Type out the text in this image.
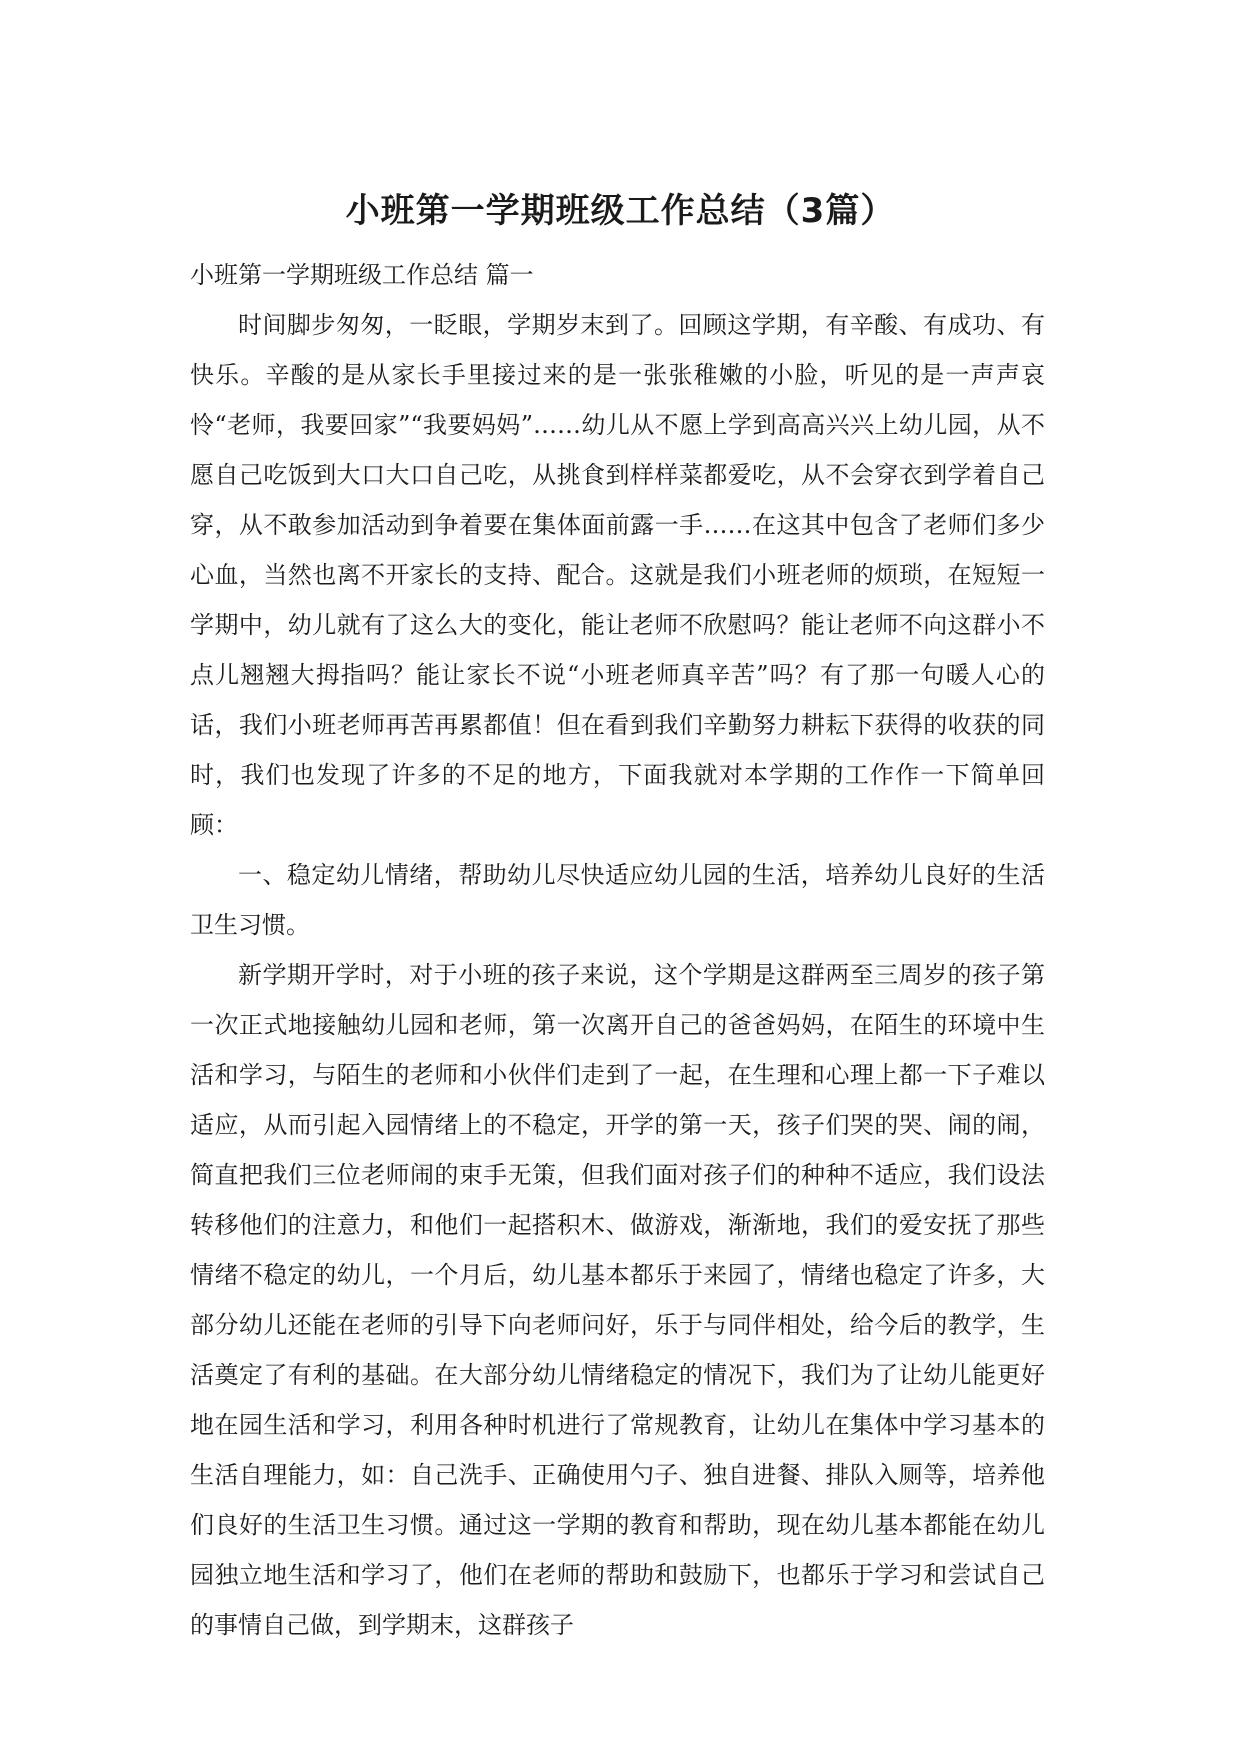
小班第一学期班级工作总结（3篇）

小班第一学期班级工作总结 篇一

时间脚步匆匆，一眨眼，学期岁末到了。回顾这学期，有辛酸、有成功、有快乐。辛酸的是从家长手里接过来的是一张张稚嫩的小脸，听见的是一声声哀怜“老师，我要回家”“我要妈妈”……幼儿从不愿上学到高高兴兴上幼儿园，从不愿自己吃饭到大口大口自己吃，从挑食到样样菜都爱吃，从不会穿衣到学着自己穿，从不敢参加活动到争着要在集体面前露一手……在这其中包含了老师们多少心血，当然也离不开家长的支持、配合。这就是我们小班老师的烦琐，在短短一学期中，幼儿就有了这么大的变化，能让老师不欣慰吗？能让老师不向这群小不点儿翘翘大拇指吗？能让家长不说“小班老师真辛苦”吗？有了那一句暖人心的话，我们小班老师再苦再累都值！但在看到我们辛勤努力耕耘下获得的收获的同时，我们也发现了许多的不足的地方，下面我就对本学期的工作作一下简单回顾：

一、稳定幼儿情绪，帮助幼儿尽快适应幼儿园的生活，培养幼儿良好的生活卫生习惯。

新学期开学时，对于小班的孩子来说，这个学期是这群两至三周岁的孩子第一次正式地接触幼儿园和老师，第一次离开自己的爸爸妈妈，在陌生的环境中生活和学习，与陌生的老师和小伙伴们走到了一起，在生理和心理上都一下子难以适应，从而引起入园情绪上的不稳定，开学的第一天，孩子们哭的哭、闹的闹，简直把我们三位老师闹的束手无策，但我们面对孩子们的种种不适应，我们设法转移他们的注意力，和他们一起搭积木、做游戏，渐渐地，我们的爱安抚了那些情绪不稳定的幼儿，一个月后，幼儿基本都乐于来园了，情绪也稳定了许多，大部分幼儿还能在老师的引导下向老师问好，乐于与同伴相处，给今后的教学，生活奠定了有利的基础。在大部分幼儿情绪稳定的情况下，我们为了让幼儿能更好地在园生活和学习，利用各种时机进行了常规教育，让幼儿在集体中学习基本的生活自理能力，如：自己洗手、正确使用勺子、独自进餐、排队入厕等，培养他们良好的生活卫生习惯。通过这一学期的教育和帮助，现在幼儿基本都能在幼儿园独立地生活和学习了，他们在老师的帮助和鼓励下，也都乐于学习和尝试自己的事情自己做，到学期末，这群孩子
